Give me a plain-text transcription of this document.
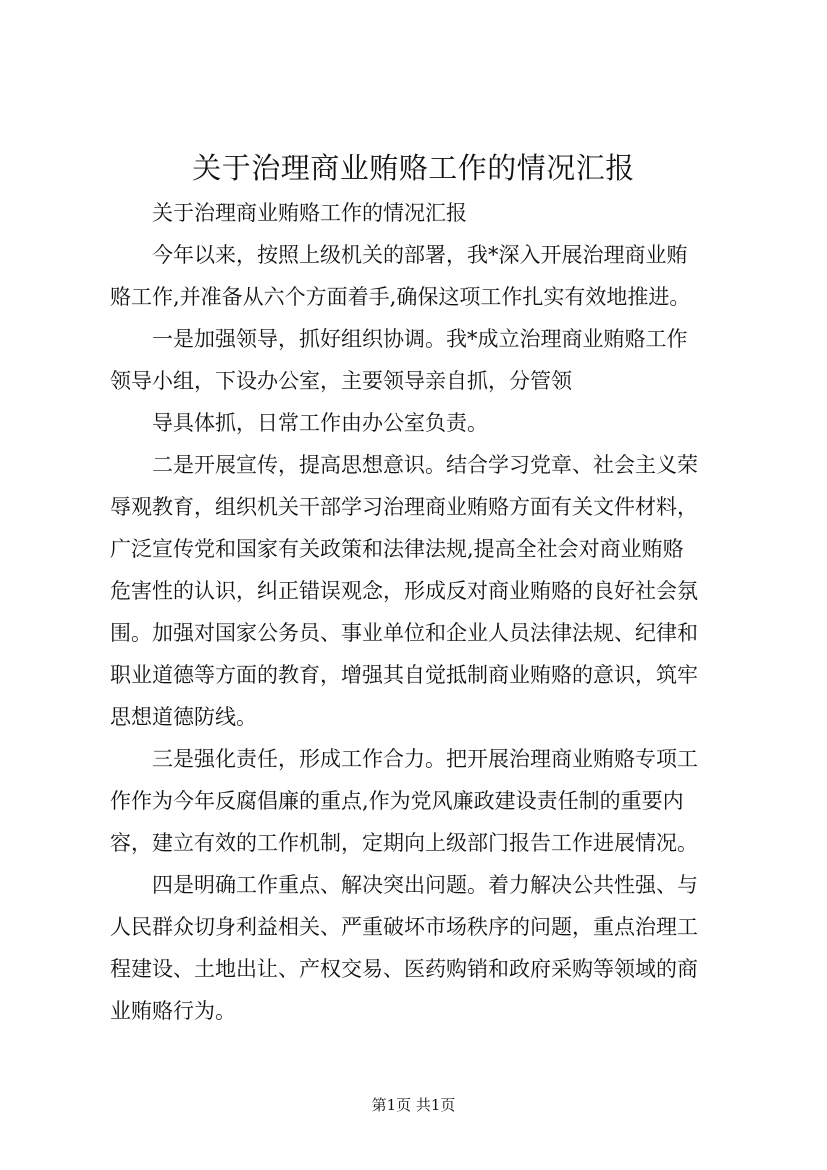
关于治理商业贿赂工作的情况汇报

关于治理商业贿赂工作的情况汇报

今年以来，按照上级机关的部署，我*深入开展治理商业贿

赂工作,并准备从六个方面着手,确保这项工作扎实有效地推进。

一是加强领导，抓好组织协调。我*成立治理商业贿赂工作

领导小组，下设办公室，主要领导亲自抓，分管领

导具体抓，日常工作由办公室负责。

二是开展宣传，提高思想意识。结合学习党章、社会主义荣

辱观教育，组织机关干部学习治理商业贿赂方面有关文件材料，

广泛宣传党和国家有关政策和法律法规,提高全社会对商业贿赂

危害性的认识，纠正错误观念，形成反对商业贿赂的良好社会氛

围。加强对国家公务员、事业单位和企业人员法律法规、纪律和

职业道德等方面的教育，增强其自觉抵制商业贿赂的意识，筑牢

思想道德防线。

三是强化责任，形成工作合力。把开展治理商业贿赂专项工

作作为今年反腐倡廉的重点,作为党风廉政建设责任制的重要内

容，建立有效的工作机制，定期向上级部门报告工作进展情况。

四是明确工作重点、解决突出问题。着力解决公共性强、与

人民群众切身利益相关、严重破坏市场秩序的问题，重点治理工

程建设、土地出让、产权交易、医药购销和政府采购等领域的商

业贿赂行为。

第1页 共1页
